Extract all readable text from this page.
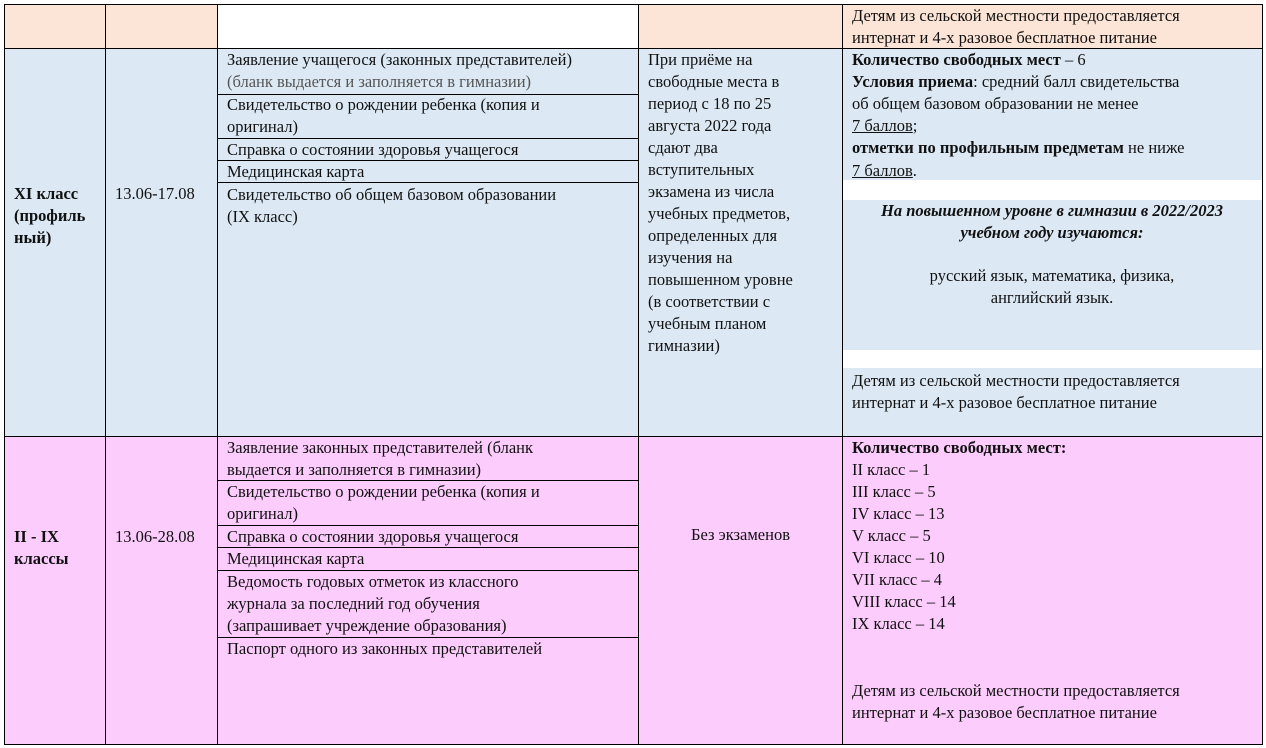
Детям из сельской местности предоставляется
интернат и 4-х разовое бесплатное питание
XI класс
(профиль
ный)
13.06-17.08
Заявление учащегося (законных представителей)
(бланк выдается и заполняется в гимназии)
Свидетельство о рождении ребенка (копия и
оригинал)
Справка о состоянии здоровья учащегося
Медицинская карта
Свидетельство об общем базовом образовании
(IX класс)
При приёме на
свободные места в
период с 18 по 25
августа 2022 года
сдают два
вступительных
экзамена из числа
учебных предметов,
определенных для
изучения на
повышенном уровне
(в соответствии с
учебным планом
гимназии)
Количество свободных мест – 6
Условия приема: средний балл свидетельства
об общем базовом образовании не менее
7 баллов;
отметки по профильным предметам не ниже
7 баллов.
На повышенном уровне в гимназии в 2022/2023
учебном году изучаются:
русский язык, математика, физика,
английский язык.
Детям из сельской местности предоставляется
интернат и 4-х разовое бесплатное питание
II - IX
классы
13.06-28.08
Заявление законных представителей (бланк
выдается и заполняется в гимназии)
Свидетельство о рождении ребенка (копия и
оригинал)
Справка о состоянии здоровья учащегося
Медицинская карта
Ведомость годовых отметок из классного
журнала за последний год обучения
(запрашивает учреждение образования)
Паспорт одного из законных представителей
Без экзаменов
Количество свободных мест:
II класс – 1
III класс – 5
IV класс – 13
V класс – 5
VI класс – 10
VII класс – 4
VIII класс – 14
IX класс – 14
Детям из сельской местности предоставляется
интернат и 4-х разовое бесплатное питание
